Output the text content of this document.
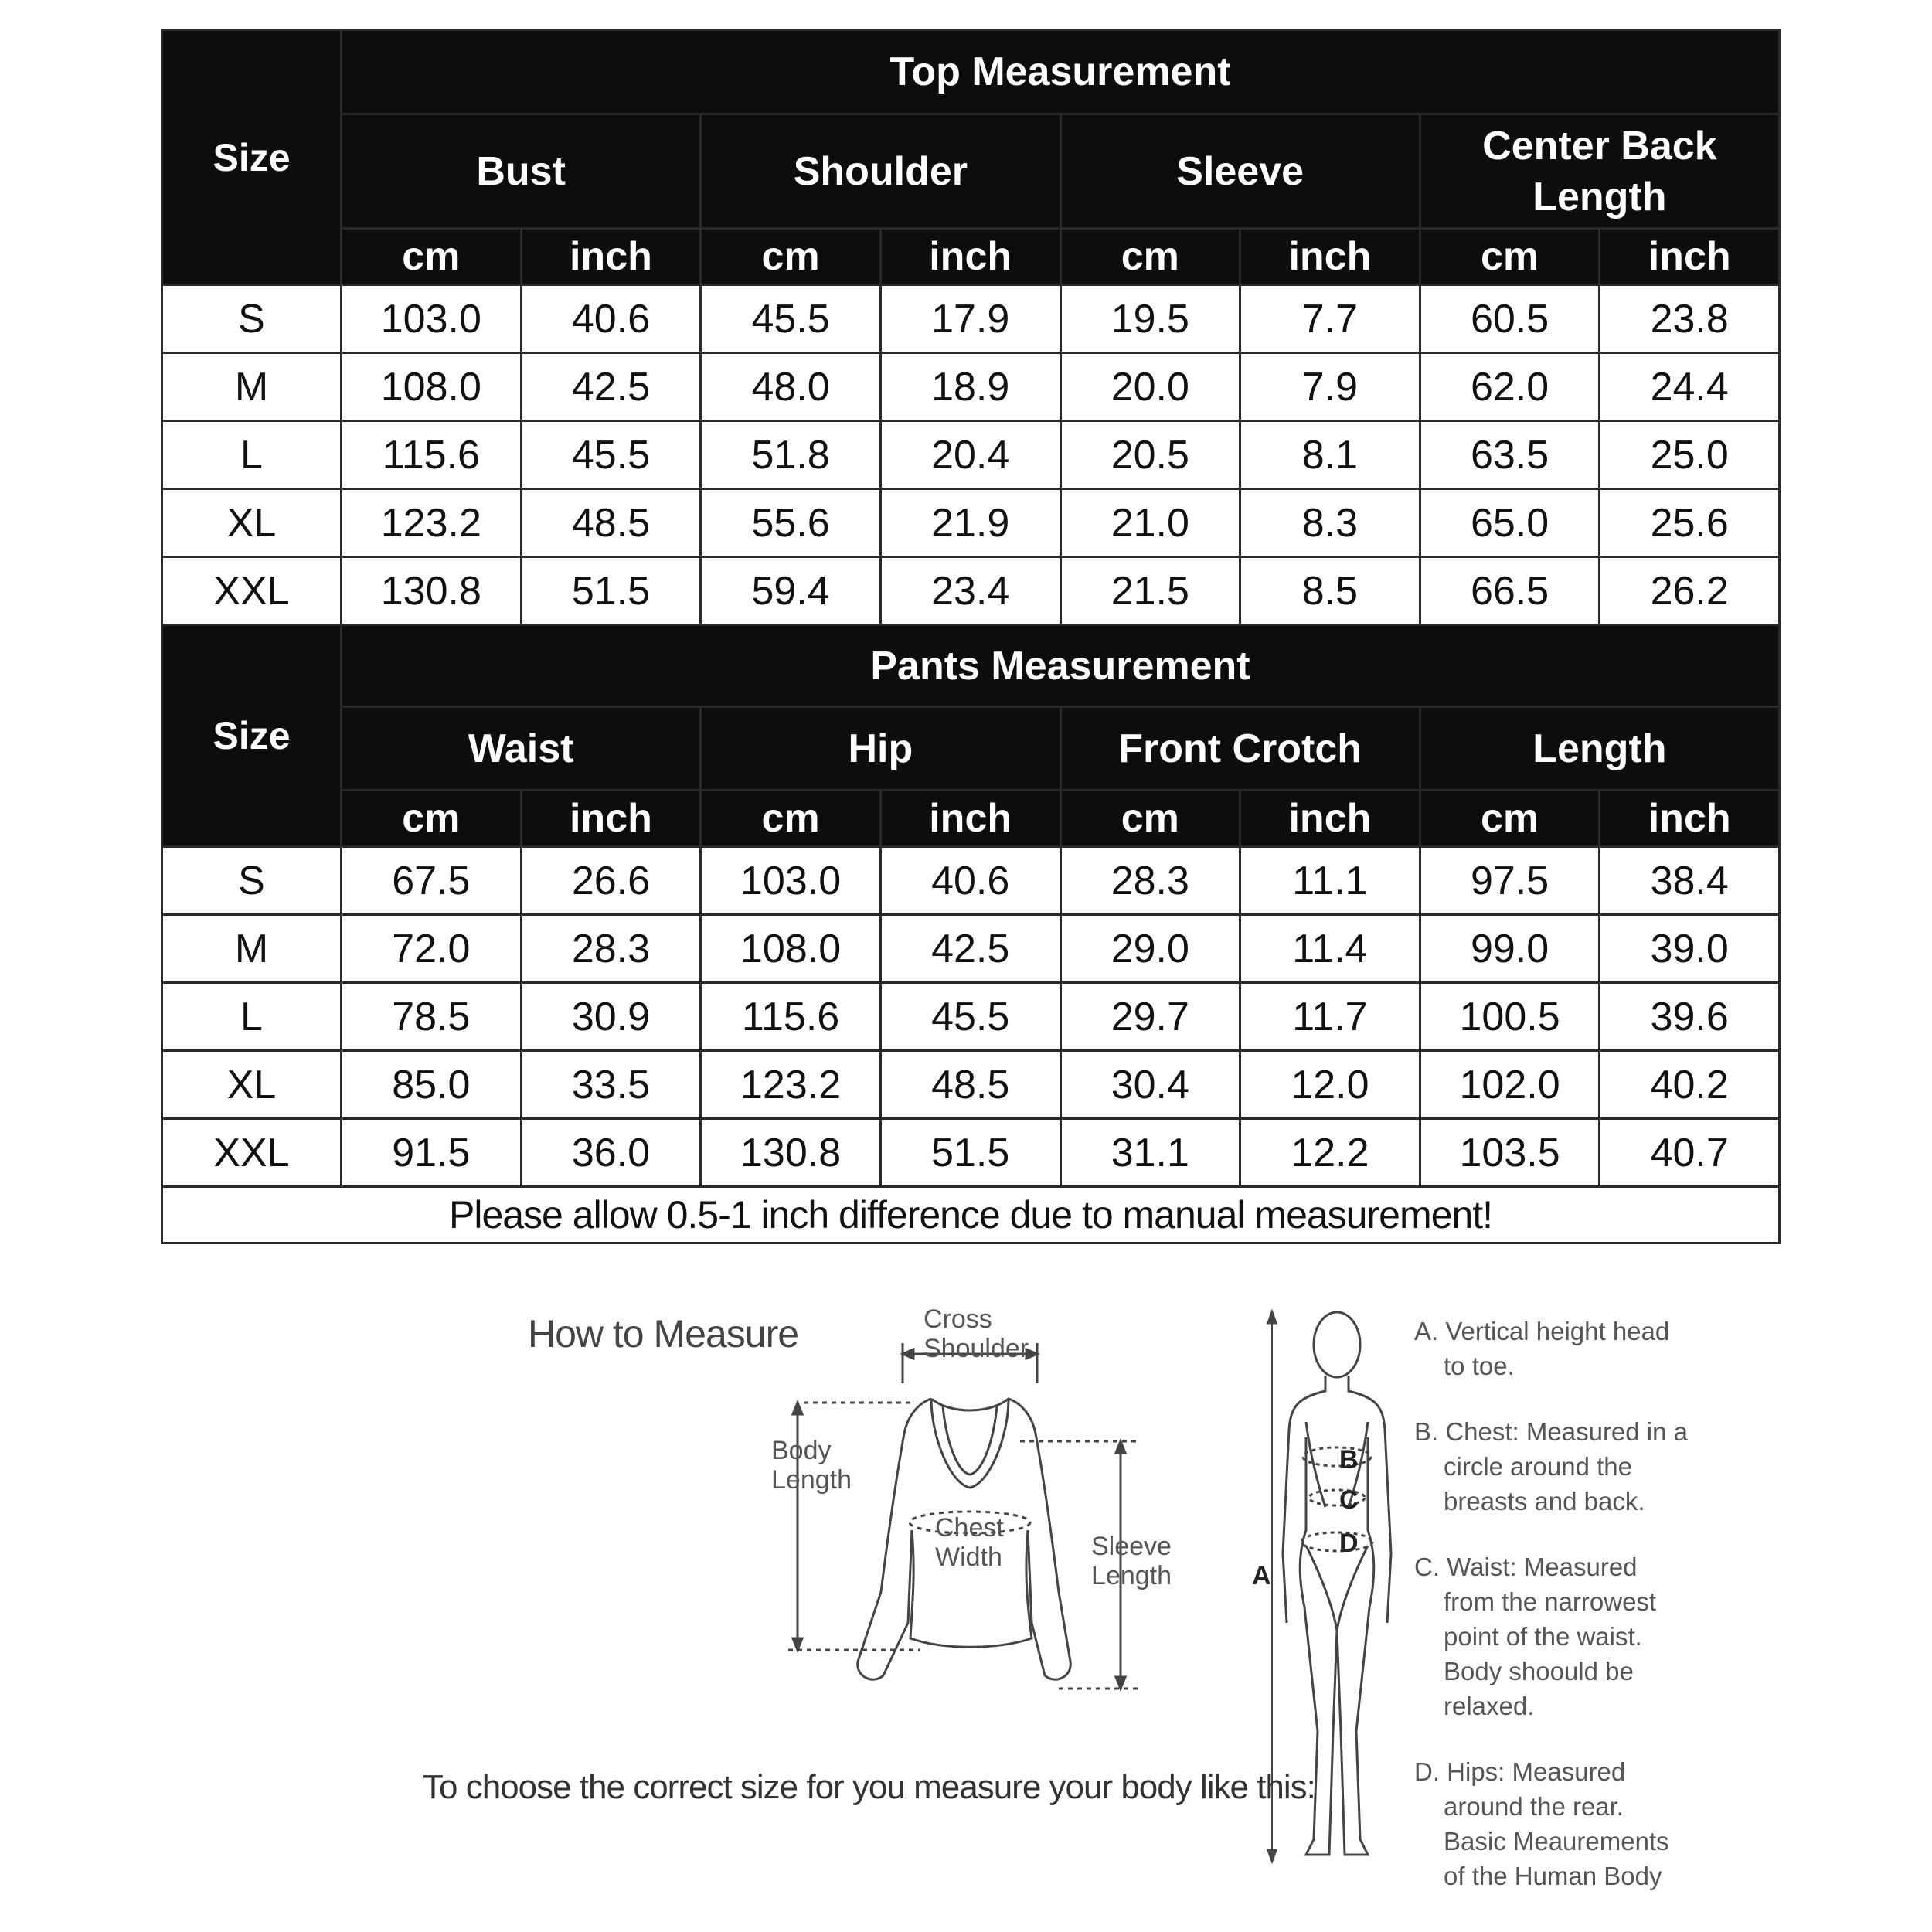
Size	Top Measurement							
	Bust		Shoulder		Sleeve		Center Back Length	
	cm	inch	cm	inch	cm	inch	cm	inch
S	103.0	40.6	45.5	17.9	19.5	7.7	60.5	23.8
M	108.0	42.5	48.0	18.9	20.0	7.9	62.0	24.4
L	115.6	45.5	51.8	20.4	20.5	8.1	63.5	25.0
XL	123.2	48.5	55.6	21.9	21.0	8.3	65.0	25.6
XXL	130.8	51.5	59.4	23.4	21.5	8.5	66.5	26.2
Size	Pants Measurement							
	Waist		Hip		Front Crotch		Length	
	cm	inch	cm	inch	cm	inch	cm	inch
S	67.5	26.6	103.0	40.6	28.3	11.1	97.5	38.4
M	72.0	28.3	108.0	42.5	29.0	11.4	99.0	39.0
L	78.5	30.9	115.6	45.5	29.7	11.7	100.5	39.6
XL	85.0	33.5	123.2	48.5	30.4	12.0	102.0	40.2
XXL	91.5	36.0	130.8	51.5	31.1	12.2	103.5	40.7
Please allow 0.5-1 inch difference due to manual measurement!								
How to Measure	Cross
Shoulder
Body
Length
Chest
Width	Sleeve
Length
B
C
D
A
A. Vertical height head
to toe.
B. Chest: Measured in a
circle around the
breasts and back.
C. Waist: Measured
from the narrowest
point of the waist.
Body shoould be
relaxed.
D. Hips: Measured
around the rear.
Basic Meaurements
of the Human Body
To choose the correct size for you measure your body like this:
